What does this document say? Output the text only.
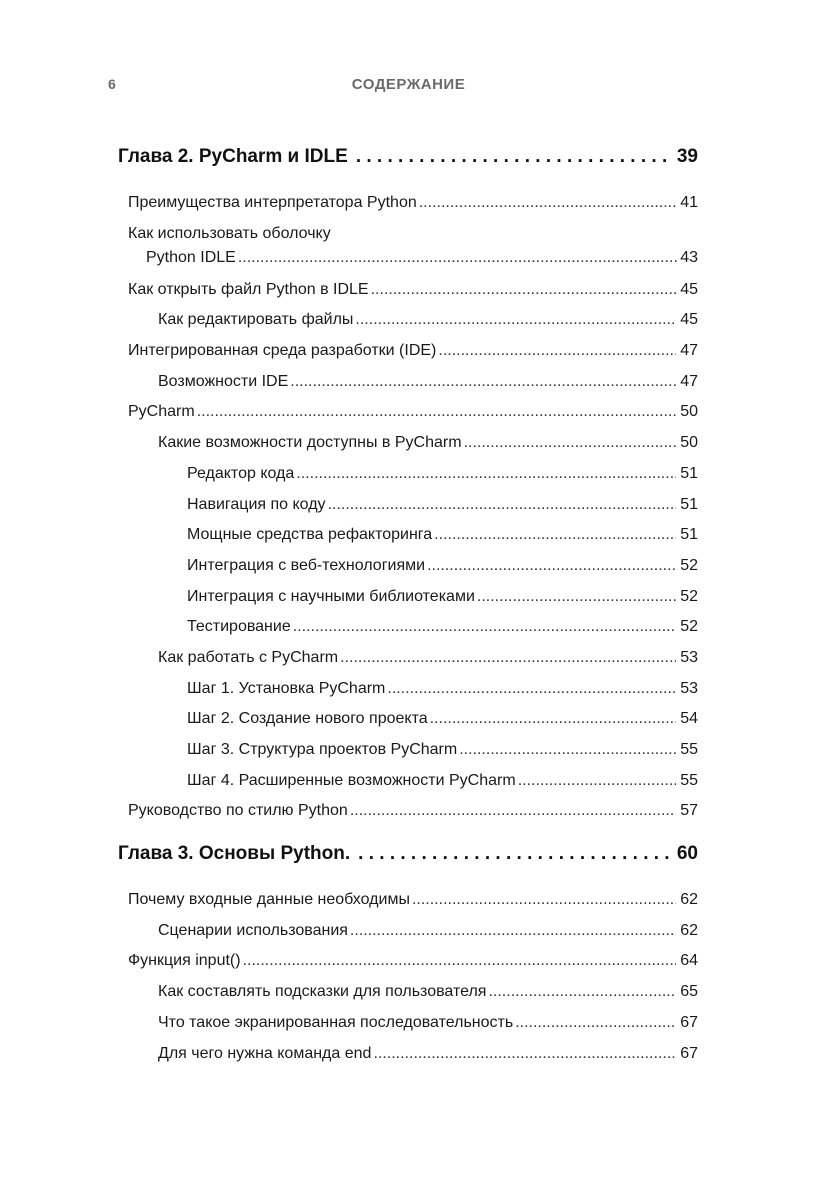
6	СОДЕРЖАНИЕ
Глава 2. PyCharm и IDLE . . .	39
Преимущества интерпретатора Python .....	41
Как использовать оболочку
Python IDLE .....	43
Как открыть файл Python в IDLE .....	45
Как редактировать файлы .....	45
Интегрированная среда разработки (IDE) .....	47
Возможности IDE .....	47
PyCharm .....	50
Какие возможности доступны в PyCharm .....	50
Редактор кода .....	51
Навигация по коду .....	51
Мощные средства рефакторинга .....	51
Интеграция с веб-технологиями .....	52
Интеграция с научными библиотеками .....	52
Тестирование .....	52
Как работать с PyCharm .....	53
Шаг 1. Установка PyCharm .....	53
Шаг 2. Создание нового проекта .....	54
Шаг 3. Структура проектов PyCharm .....	55
Шаг 4. Расширенные возможности PyCharm .....	55
Руководство по стилю Python .....	57
Глава 3. Основы Python. . . .	60
Почему входные данные необходимы .....	62
Сценарии использования .....	62
Функция input() .....	64
Как составлять подсказки для пользователя .....	65
Что такое экранированная последовательность .....	67
Для чего нужна команда end .....	67
